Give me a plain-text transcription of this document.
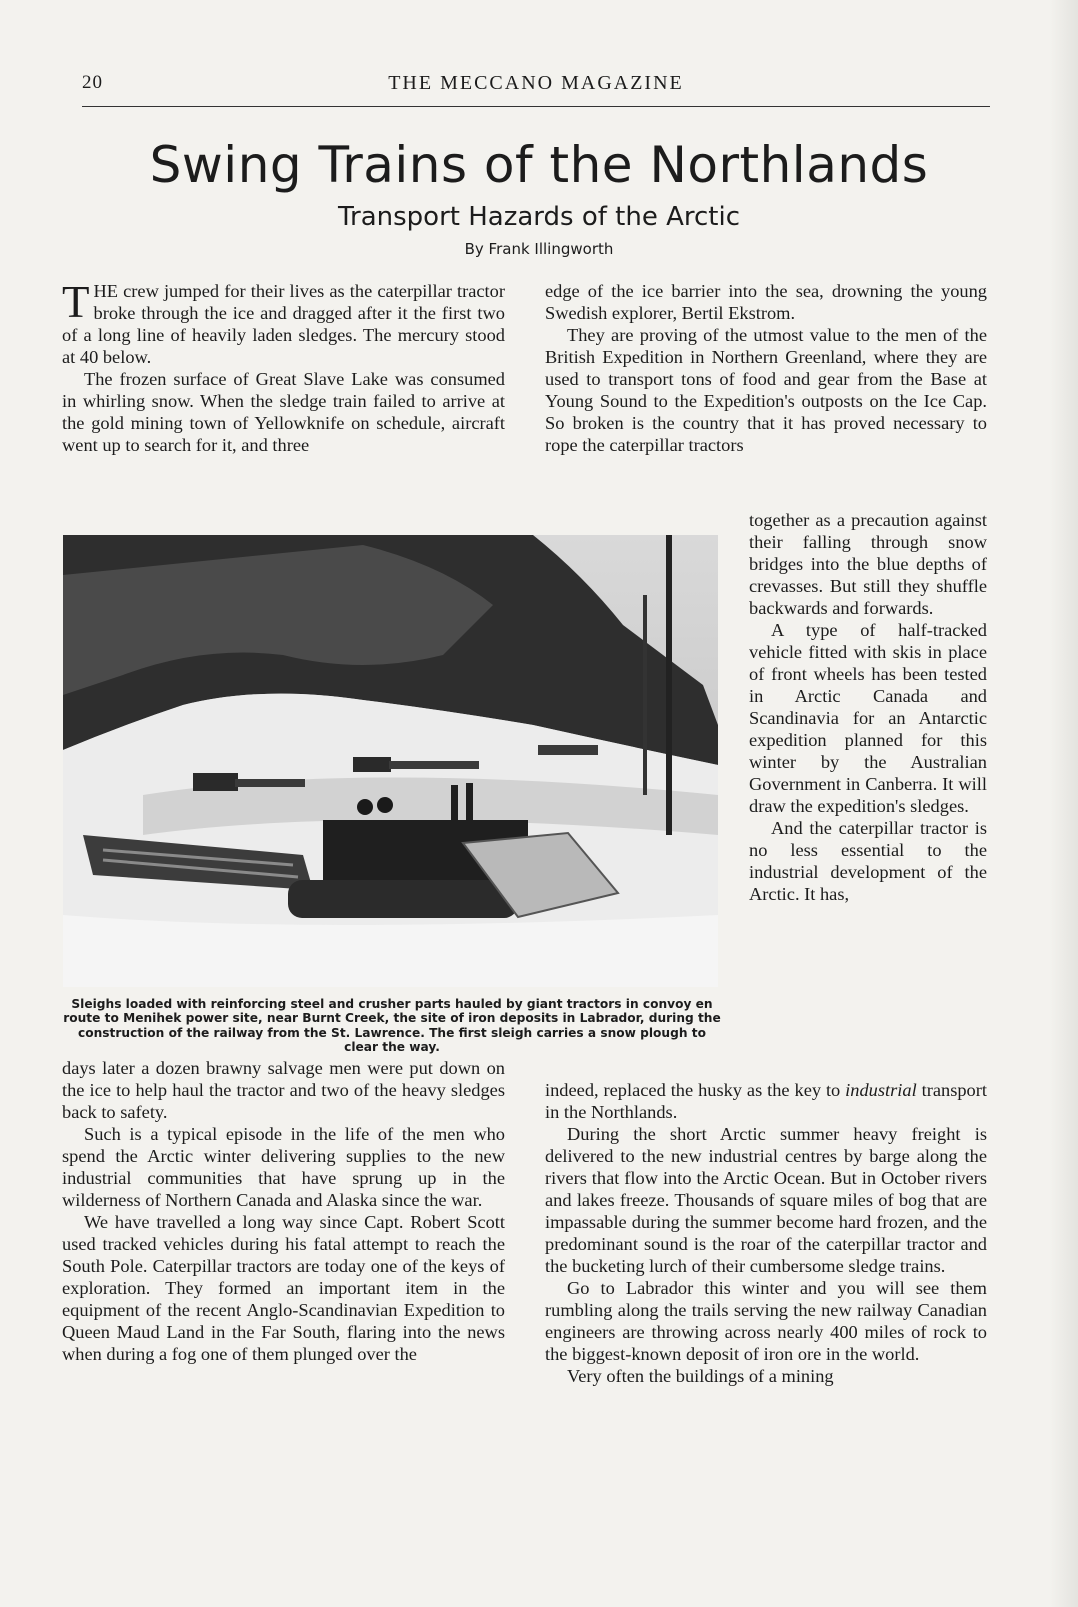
20	THE MECCANO MAGAZINE
Swing Trains of the Northlands
Transport Hazards of the Arctic
By Frank Illingworth

THE crew jumped for their lives as the caterpillar tractor broke through the ice and dragged after it the first two of a long line of heavily laden sledges. The mercury stood at 40 below.

The frozen surface of Great Slave Lake was consumed in whirling snow. When the sledge train failed to arrive at the gold mining town of Yellowknife on schedule, aircraft went up to search for it, and three

edge of the ice barrier into the sea, drowning the young Swedish explorer, Bertil Ekstrom.

They are proving of the utmost value to the men of the British Expedition in Northern Greenland, where they are used to transport tons of food and gear from the Base at Young Sound to the Expedition's outposts on the Ice Cap. So broken is the country that it has proved necessary to rope the caterpillar tractors

together as a precaution against their falling through snow bridges into the blue depths of crevasses. But still they shuffle backwards and forwards.

A type of half-tracked vehicle fitted with skis in place of front wheels has been tested in Arctic Canada and Scandinavia for an Antarctic expedition planned for this winter by the Australian Government in Canberra. It will draw the expedition's sledges.

And the caterpillar tractor is no less essential to the industrial development of the Arctic. It has,

Sleighs loaded with reinforcing steel and crusher parts hauled by giant tractors in convoy en route to Menihek power site, near Burnt Creek, the site of iron deposits in Labrador, during the construction of the railway from the St. Lawrence. The first sleigh carries a snow plough to clear the way.

days later a dozen brawny salvage men were put down on the ice to help haul the tractor and two of the heavy sledges back to safety.

Such is a typical episode in the life of the men who spend the Arctic winter delivering supplies to the new industrial communities that have sprung up in the wilderness of Northern Canada and Alaska since the war.

We have travelled a long way since Capt. Robert Scott used tracked vehicles during his fatal attempt to reach the South Pole. Caterpillar tractors are today one of the keys of exploration. They formed an important item in the equipment of the recent Anglo-Scandinavian Expedition to Queen Maud Land in the Far South, flaring into the news when during a fog one of them plunged over the

indeed, replaced the husky as the key to industrial transport in the Northlands.

During the short Arctic summer heavy freight is delivered to the new industrial centres by barge along the rivers that flow into the Arctic Ocean. But in October rivers and lakes freeze. Thousands of square miles of bog that are impassable during the summer become hard frozen, and the predominant sound is the roar of the caterpillar tractor and the bucketing lurch of their cumbersome sledge trains.

Go to Labrador this winter and you will see them rumbling along the trails serving the new railway Canadian engineers are throwing across nearly 400 miles of rock to the biggest-known deposit of iron ore in the world.

Very often the buildings of a mining
